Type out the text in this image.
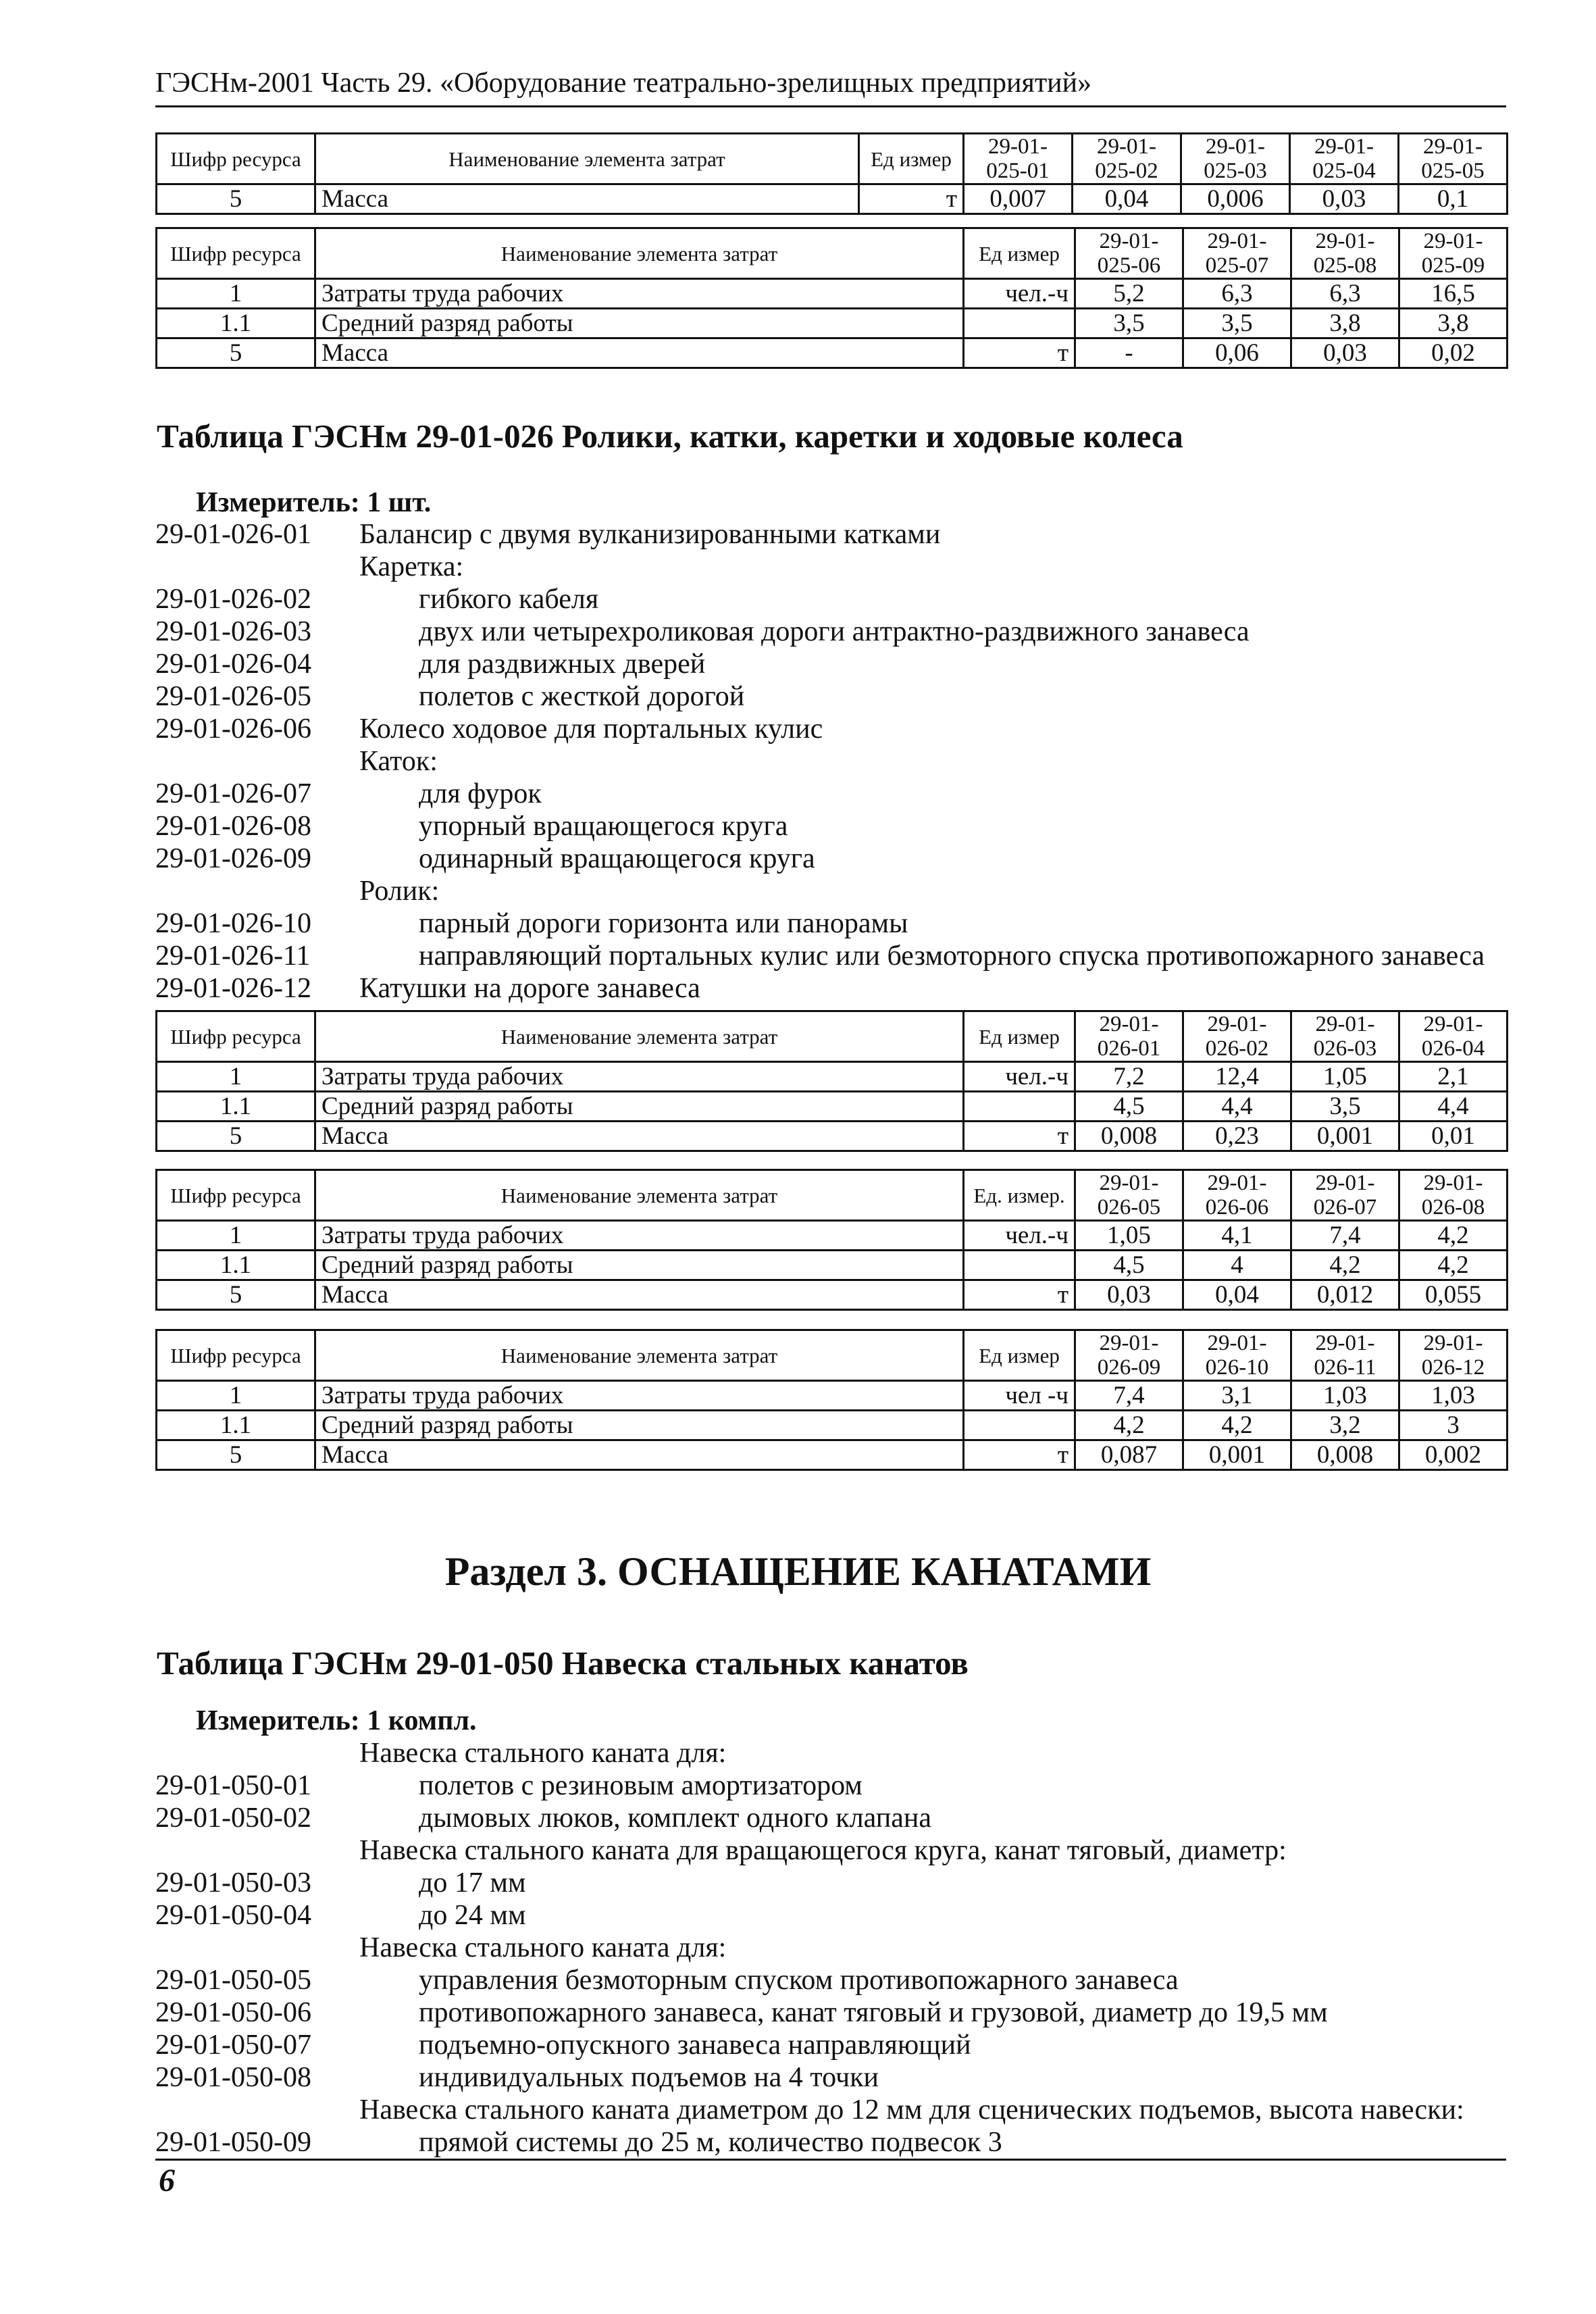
ГЭСНм-2001 Часть 29. «Оборудование театрально-зрелищных предприятий»
Шифр ресурса	Наименование элемента затрат	Ед измер	29-01-025-01	29-01-025-02	29-01-025-03	29-01-025-04	29-01-025-05
5	Масса	т	0,007	0,04	0,006	0,03	0,1
Шифр ресурса	Наименование элемента затрат	Ед измер	29-01-025-06	29-01-025-07	29-01-025-08	29-01-025-09
1	Затраты труда рабочих	чел.-ч	5,2	6,3	6,3	16,5
1.1	Средний разряд работы		3,5	3,5	3,8	3,8
5	Масса	т	-	0,06	0,03	0,02
Таблица ГЭСНм 29-01-026 Ролики, катки, каретки и ходовые колеса
Измеритель: 1 шт.
29-01-026-01 Балансир с двумя вулканизированными катками
Каретка:
29-01-026-02	гибкого кабеля
29-01-026-03	двух или четырехроликовая дороги антрактно-раздвижного занавеса
29-01-026-04	для раздвижных дверей
29-01-026-05	полетов с жесткой дорогой
29-01-026-06 Колесо ходовое для портальных кулис
Каток:
29-01-026-07	для фурок
29-01-026-08	упорный вращающегося круга
29-01-026-09	одинарный вращающегося круга
Ролик:
29-01-026-10	парный дороги горизонта или панорамы
29-01-026-11	направляющий портальных кулис или безмоторного спуска противопожарного занавеса
29-01-026-12 Катушки на дороге занавеса
Шифр ресурса	Наименование элемента затрат	Ед измер	29-01-026-01	29-01-026-02	29-01-026-03	29-01-026-04
1	Затраты труда рабочих	чел.-ч	7,2	12,4	1,05	2,1
1.1	Средний разряд работы		4,5	4,4	3,5	4,4
5	Масса	т	0,008	0,23	0,001	0,01
Шифр ресурса	Наименование элемента затрат	Ед. измер.	29-01-026-05	29-01-026-06	29-01-026-07	29-01-026-08
1	Затраты труда рабочих	чел.-ч	1,05	4,1	7,4	4,2
1.1	Средний разряд работы		4,5	4	4,2	4,2
5	Масса	т	0,03	0,04	0,012	0,055
Шифр ресурса	Наименование элемента затрат	Ед измер	29-01-026-09	29-01-026-10	29-01-026-11	29-01-026-12
1	Затраты труда рабочих	чел -ч	7,4	3,1	1,03	1,03
1.1	Средний разряд работы		4,2	4,2	3,2	3
5	Масса	т	0,087	0,001	0,008	0,002
Раздел 3. ОСНАЩЕНИЕ КАНАТАМИ
Таблица ГЭСНм 29-01-050 Навеска стальных канатов
Измеритель: 1 компл.
Навеска стального каната для:
29-01-050-01	полетов с резиновым амортизатором
29-01-050-02	дымовых люков, комплект одного клапана
Навеска стального каната для вращающегося круга, канат тяговый, диаметр:
29-01-050-03	до 17 мм
29-01-050-04	до 24 мм
Навеска стального каната для:
29-01-050-05	управления безмоторным спуском противопожарного занавеса
29-01-050-06	противопожарного занавеса, канат тяговый и грузовой, диаметр до 19,5 мм
29-01-050-07	подъемно-опускного занавеса направляющий
29-01-050-08	индивидуальных подъемов на 4 точки
Навеска стального каната диаметром до 12 мм для сценических подъемов, высота навески:
29-01-050-09	прямой системы до 25 м, количество подвесок 3
6
